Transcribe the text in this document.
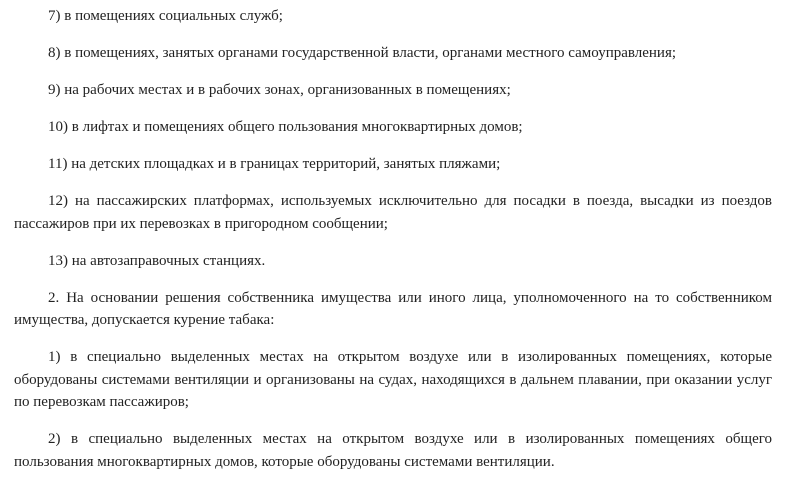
7) в помещениях социальных служб;

8) в помещениях, занятых органами государственной власти, органами местного самоуправления;

9) на рабочих местах и в рабочих зонах, организованных в помещениях;

10) в лифтах и помещениях общего пользования многоквартирных домов;

11) на детских площадках и в границах территорий, занятых пляжами;

12) на пассажирских платформах, используемых исключительно для посадки в поезда, высадки из поездов пассажиров при их перевозках в пригородном сообщении;

13) на автозаправочных станциях.

2. На основании решения собственника имущества или иного лица, уполномоченного на то собственником имущества, допускается курение табака:

1) в специально выделенных местах на открытом воздухе или в изолированных помещениях, которые оборудованы системами вентиляции и организованы на судах, находящихся в дальнем плавании, при оказании услуг по перевозкам пассажиров;

2) в специально выделенных местах на открытом воздухе или в изолированных помещениях общего пользования многоквартирных домов, которые оборудованы системами вентиляции.
